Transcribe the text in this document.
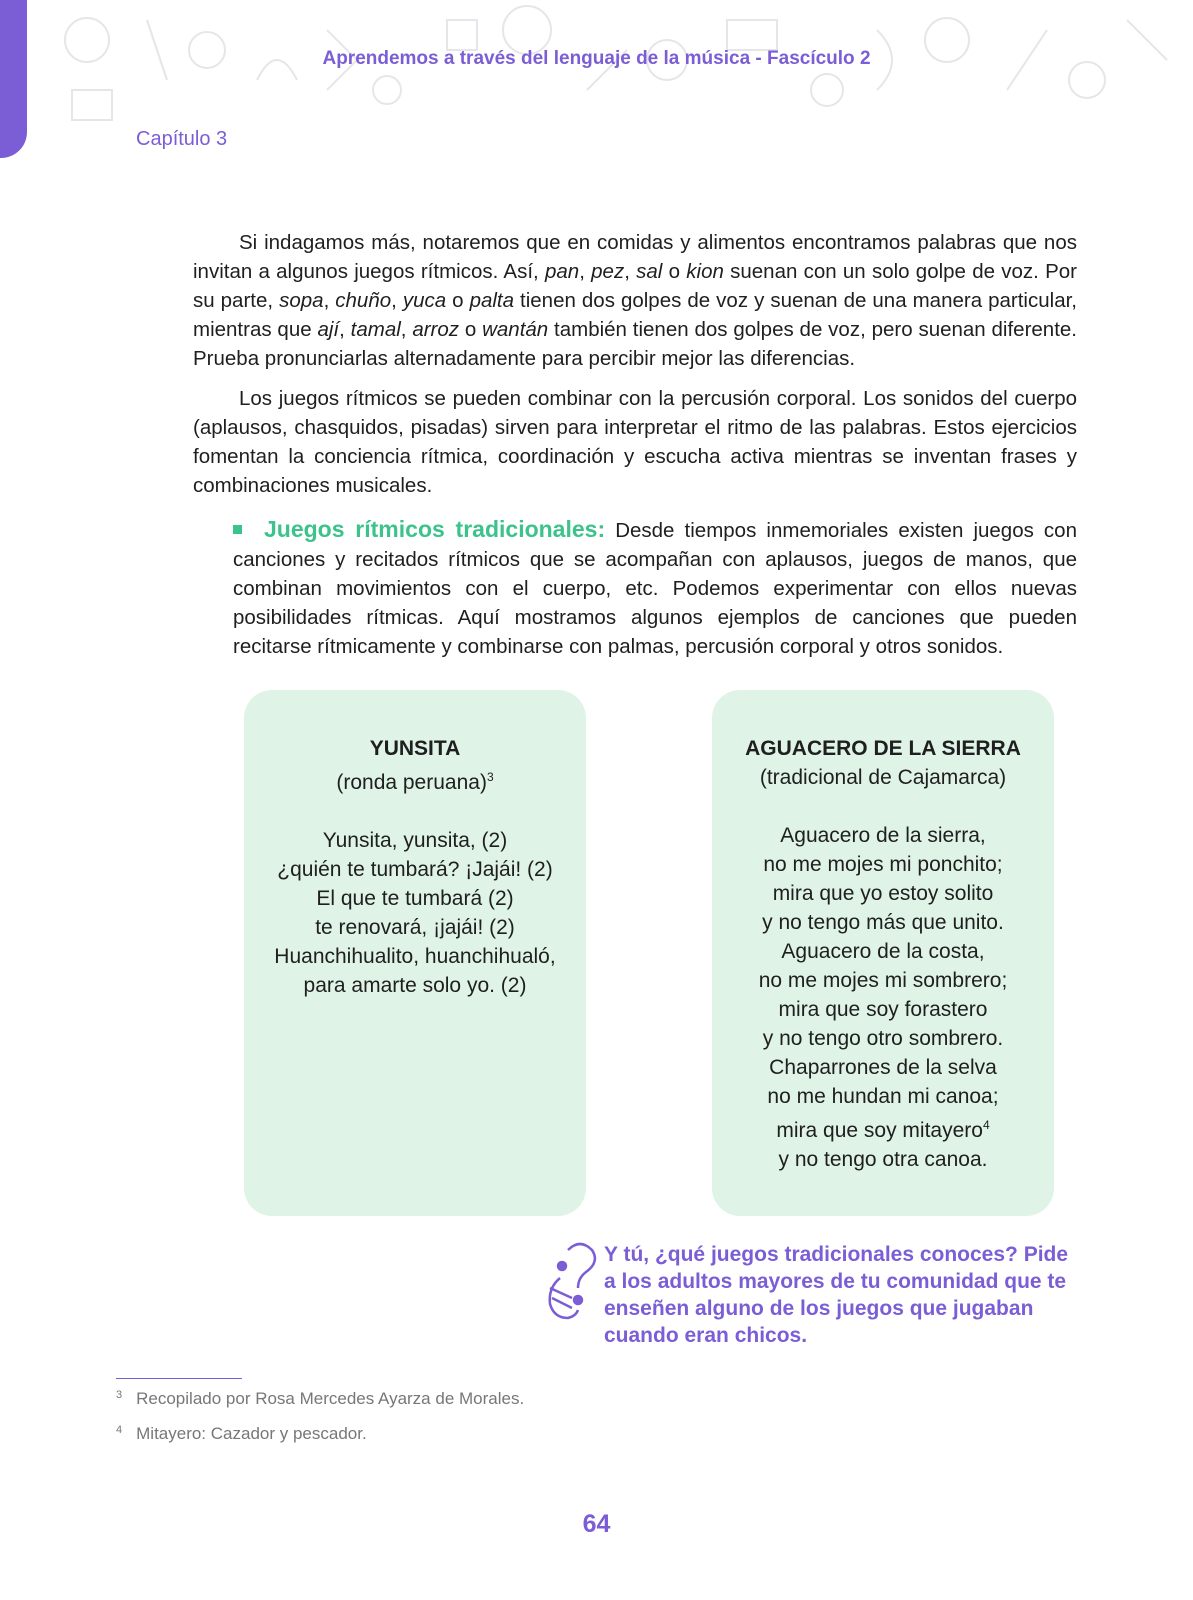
Aprendemos a través del lenguaje de la música - Fascículo 2
Capítulo 3

Si indagamos más, notaremos que en comidas y alimentos encontramos palabras que nos invitan a algunos juegos rítmicos. Así, pan, pez, sal o kion suenan con un solo golpe de voz. Por su parte, sopa, chuño, yuca o palta tienen dos golpes de voz y suenan de una manera particular, mientras que ají, tamal, arroz o wantán también tienen dos golpes de voz, pero suenan diferente. Prueba pronunciarlas alternadamente para percibir mejor las diferencias.

Los juegos rítmicos se pueden combinar con la percusión corporal. Los sonidos del cuerpo (aplausos, chasquidos, pisadas) sirven para interpretar el ritmo de las palabras. Estos ejercicios fomentan la conciencia rítmica, coordinación y escucha activa mientras se inventan frases y combinaciones musicales.

Juegos rítmicos tradicionales: Desde tiempos inmemoriales existen juegos con canciones y recitados rítmicos que se acompañan con aplausos, juegos de manos, que combinan movimientos con el cuerpo, etc. Podemos experimentar con ellos nuevas posibilidades rítmicas. Aquí mostramos algunos ejemplos de canciones que pueden recitarse rítmicamente y combinarse con palmas, percusión corporal y otros sonidos.
YUNSITA
(ronda peruana)$^3$
Yunsita, yunsita, (2)
¿quién te tumbará? ¡Jajái! (2)
El que te tumbará (2)
te renovará, ¡jajái! (2)
Huanchihualito, huanchihualó,
para amarte solo yo. (2)
AGUACERO DE LA SIERRA
(tradicional de Cajamarca)
Aguacero de la sierra,
no me mojes mi ponchito;
mira que yo estoy solito
y no tengo más que unito.
Aguacero de la costa,
no me mojes mi sombrero;
mira que soy forastero
y no tengo otro sombrero.
Chaparrones de la selva
no me hundan mi canoa;
mira que soy mitayero$^4$
y no tengo otra canoa.
Y tú, ¿qué juegos tradicionales conoces? Pide a los adultos mayores de tu comunidad que te enseñen alguno de los juegos que jugaban cuando eran chicos.
$^3$ Recopilado por Rosa Mercedes Ayarza de Morales.
$^4$ Mitayero: Cazador y pescador.
64
